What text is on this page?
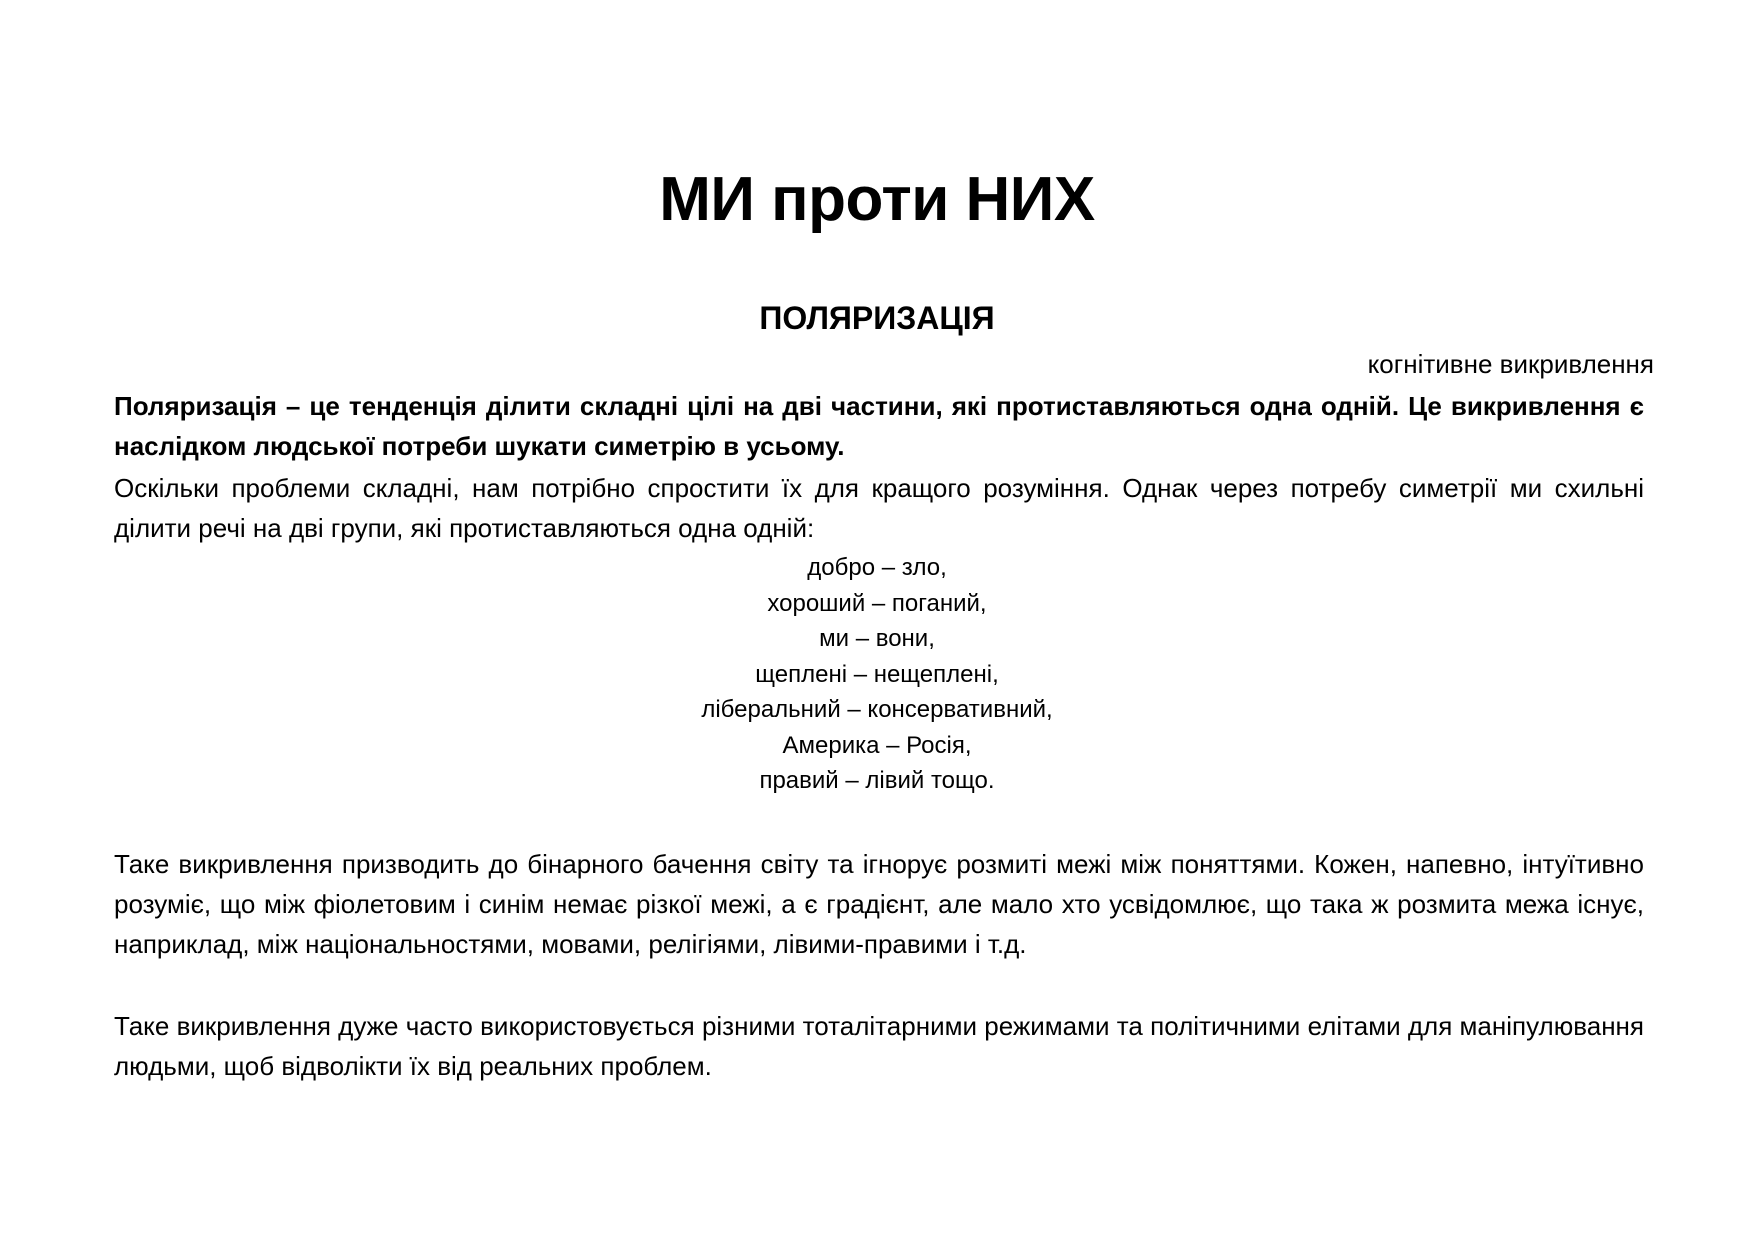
МИ проти НИХ
ПОЛЯРИЗАЦІЯ

когнітивне викривлення

Поляризація – це тенденція ділити складні цілі на дві частини, які протиставляються одна одній. Це викривлення є наслідком людської потреби шукати симетрію в усьому.

Оскільки проблеми складні, нам потрібно спростити їх для кращого розуміння. Однак через потребу симетрії ми схильні ділити речі на дві групи, які протиставляються одна одній:

добро – зло,
хороший – поганий,
ми – вони,
щеплені – нещеплені,
ліберальний – консервативний,
Америка – Росія,
правий – лівий тощо.

Таке викривлення призводить до бінарного бачення світу та ігнорує розмиті межі між поняттями. Кожен, напевно, інтуїтивно розуміє, що між фіолетовим і синім немає різкої межі, а є градієнт, але мало хто усвідомлює, що така ж розмита межа існує, наприклад, між національностями, мовами, релігіями, лівими-правими і т.д.

Таке викривлення дуже часто використовується різними тоталітарними режимами та політичними елітами для маніпулювання людьми, щоб відволікти їх від реальних проблем.
